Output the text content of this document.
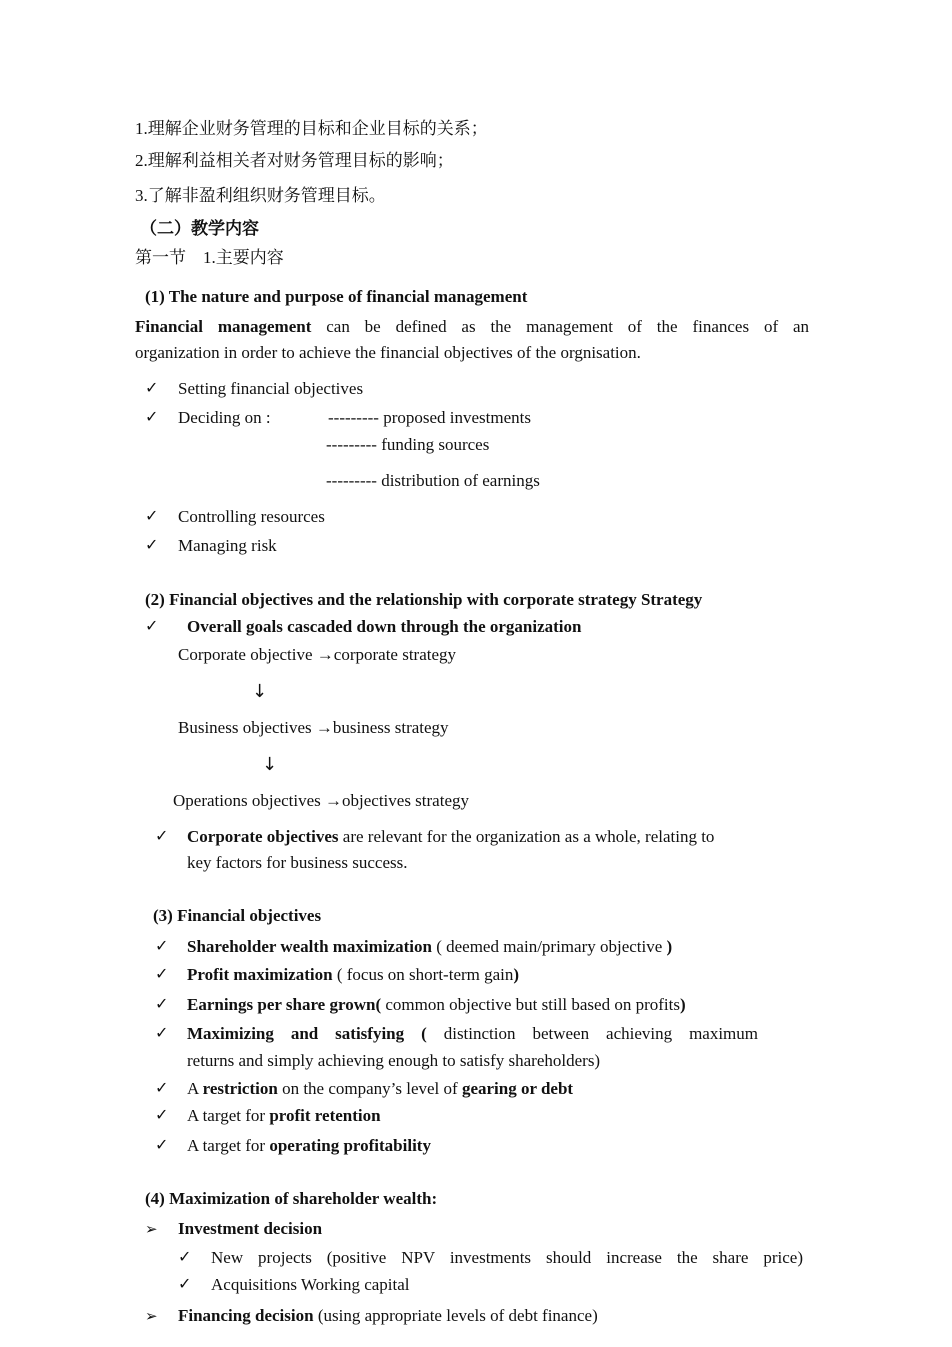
1.理解企业财务管理的目标和企业目标的关系；
2.理解利益相关者对财务管理目标的影响；
3.了解非盈利组织财务管理目标。
（二）教学内容
第一节　1.主要内容
(1) The nature and purpose of financial management
Financial management can be defined as the management of the finances of an
organization in order to achieve the financial objectives of the orgnisation.
✓ Setting financial objectives
✓ Deciding on :	--------- proposed investments
--------- funding sources
--------- distribution of earnings
✓ Controlling resources
✓ Managing risk
(2) Financial objectives and the relationship with corporate strategy Strategy
✓ Overall goals cascaded down through the organization
Corporate objective →corporate strategy
↓
Business objectives →business strategy
↓
Operations objectives →objectives strategy
✓ Corporate objectives are relevant for the organization as a whole, relating to
key factors for business success.
(3) Financial objectives
✓ Shareholder wealth maximization ( deemed main/primary objective )
✓ Profit maximization ( focus on short-term gain)
✓ Earnings per share grown( common objective but still based on profits)
✓ Maximizing and satisfying ( distinction between achieving maximum
returns and simply achieving enough to satisfy shareholders)
✓ A restriction on the company’s level of gearing or debt
✓ A target for profit retention
✓ A target for operating profitability
(4) Maximization of shareholder wealth:
➢ Investment decision
✓ New projects (positive NPV investments should increase the share price)
✓ Acquisitions Working capital
➢ Financing decision (using appropriate levels of debt finance)
